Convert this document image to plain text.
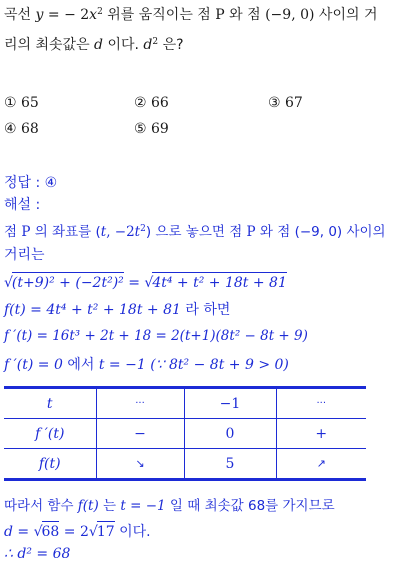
곡선 y = − $2x^2$ 위를 움직이는 점 P 와 점 (−9, 0) 사이의 거
리의 최솟값은 d 이다. $d^2$ 은?
① 65	② 66	③ 67
④ 68	⑤ 69
정답 : ④
해설 :
점 P 의 좌표를 (t, $-2t^2$) 으로 놓으면 점 P 와 점 (−9, 0) 사이의
거리는
√(t+9)² + (−2t²)² = √4t⁴ + t² + 18t + 81
f(t) = 4t⁴ + t² + 18t + 81 라 하면
f ′(t) = 16t³ + 2t + 18 = 2(t+1)(8t² − 8t + 9)
f ′(t) = 0 에서 t = −1 (∵ 8t² − 8t + 9 > 0)
t	···	−1	···
f ′(t)	−	0	+
f(t)	↘	5	↗
따라서 함수 f(t) 는 t = −1 일 때 최솟값 68를 가지므로
d = √68 = 2√17 이다.
∴ d² = 68
